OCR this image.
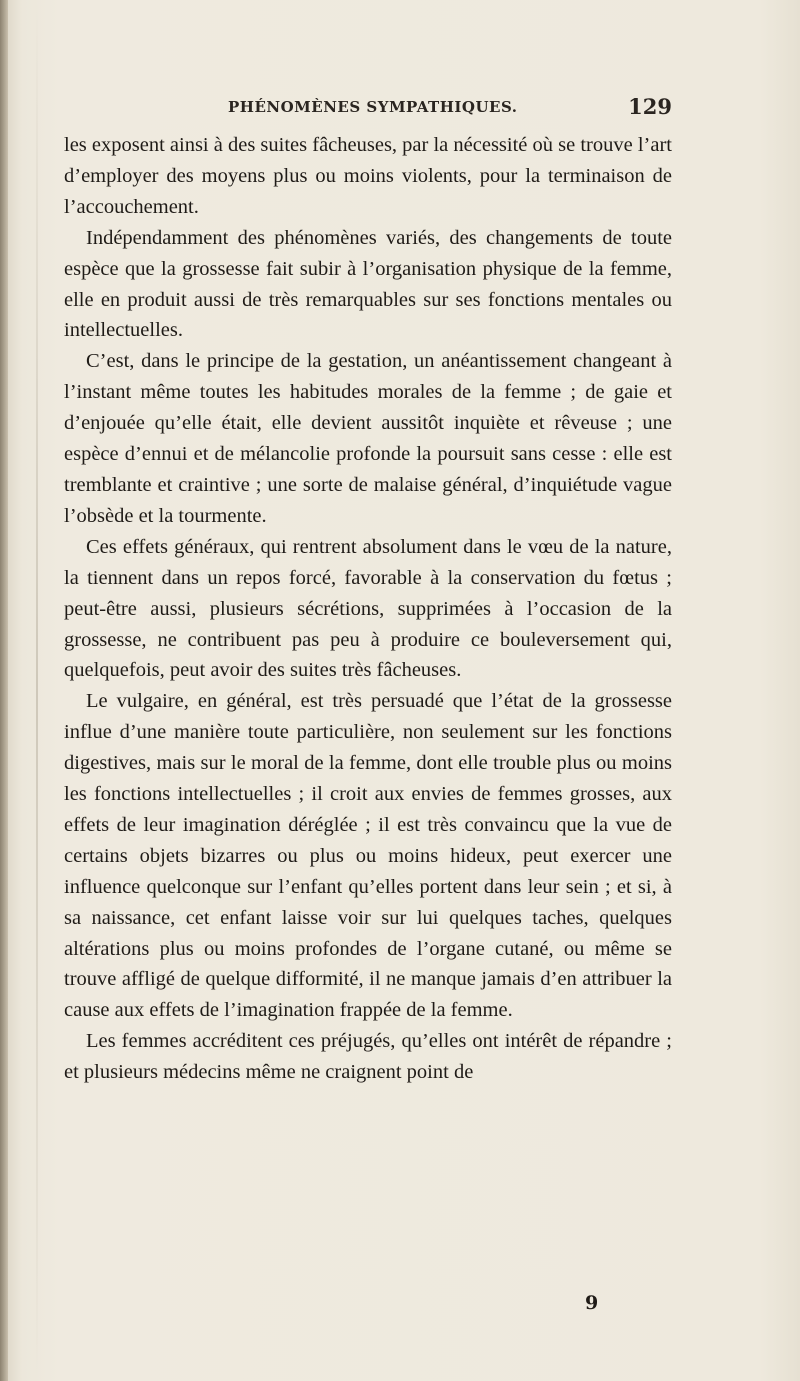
PHÉNOMÈNES SYMPATHIQUES.	129

les exposent ainsi à des suites fâcheuses, par la nécessité où se trouve l’art d’employer des moyens plus ou moins violents, pour la terminaison de l’accouchement.

Indépendamment des phénomènes variés, des changements de toute espèce que la grossesse fait subir à l’organisation physique de la femme, elle en produit aussi de très remarquables sur ses fonctions mentales ou intellectuelles.

C’est, dans le principe de la gestation, un anéantissement changeant à l’instant même toutes les habitudes morales de la femme ; de gaie et d’enjouée qu’elle était, elle devient aussitôt inquiète et rêveuse ; une espèce d’ennui et de mélancolie profonde la poursuit sans cesse : elle est tremblante et craintive ; une sorte de malaise général, d’inquiétude vague l’obsède et la tourmente.

Ces effets généraux, qui rentrent absolument dans le vœu de la nature, la tiennent dans un repos forcé, favorable à la conservation du fœtus ; peut-être aussi, plusieurs sécrétions, supprimées à l’occasion de la grossesse, ne contribuent pas peu à produire ce bouleversement qui, quelquefois, peut avoir des suites très fâcheuses.

Le vulgaire, en général, est très persuadé que l’état de la grossesse influe d’une manière toute particulière, non seulement sur les fonctions digestives, mais sur le moral de la femme, dont elle trouble plus ou moins les fonctions intellectuelles ; il croit aux envies de femmes grosses, aux effets de leur imagination déréglée ; il est très convaincu que la vue de certains objets bizarres ou plus ou moins hideux, peut exercer une influence quelconque sur l’enfant qu’elles portent dans leur sein ; et si, à sa naissance, cet enfant laisse voir sur lui quelques taches, quelques altérations plus ou moins profondes de l’organe cutané, ou même se trouve affligé de quelque difformité, il ne manque jamais d’en attribuer la cause aux effets de l’imagination frappée de la femme.

Les femmes accréditent ces préjugés, qu’elles ont intérêt de répandre ; et plusieurs médecins même ne craignent point de

9
